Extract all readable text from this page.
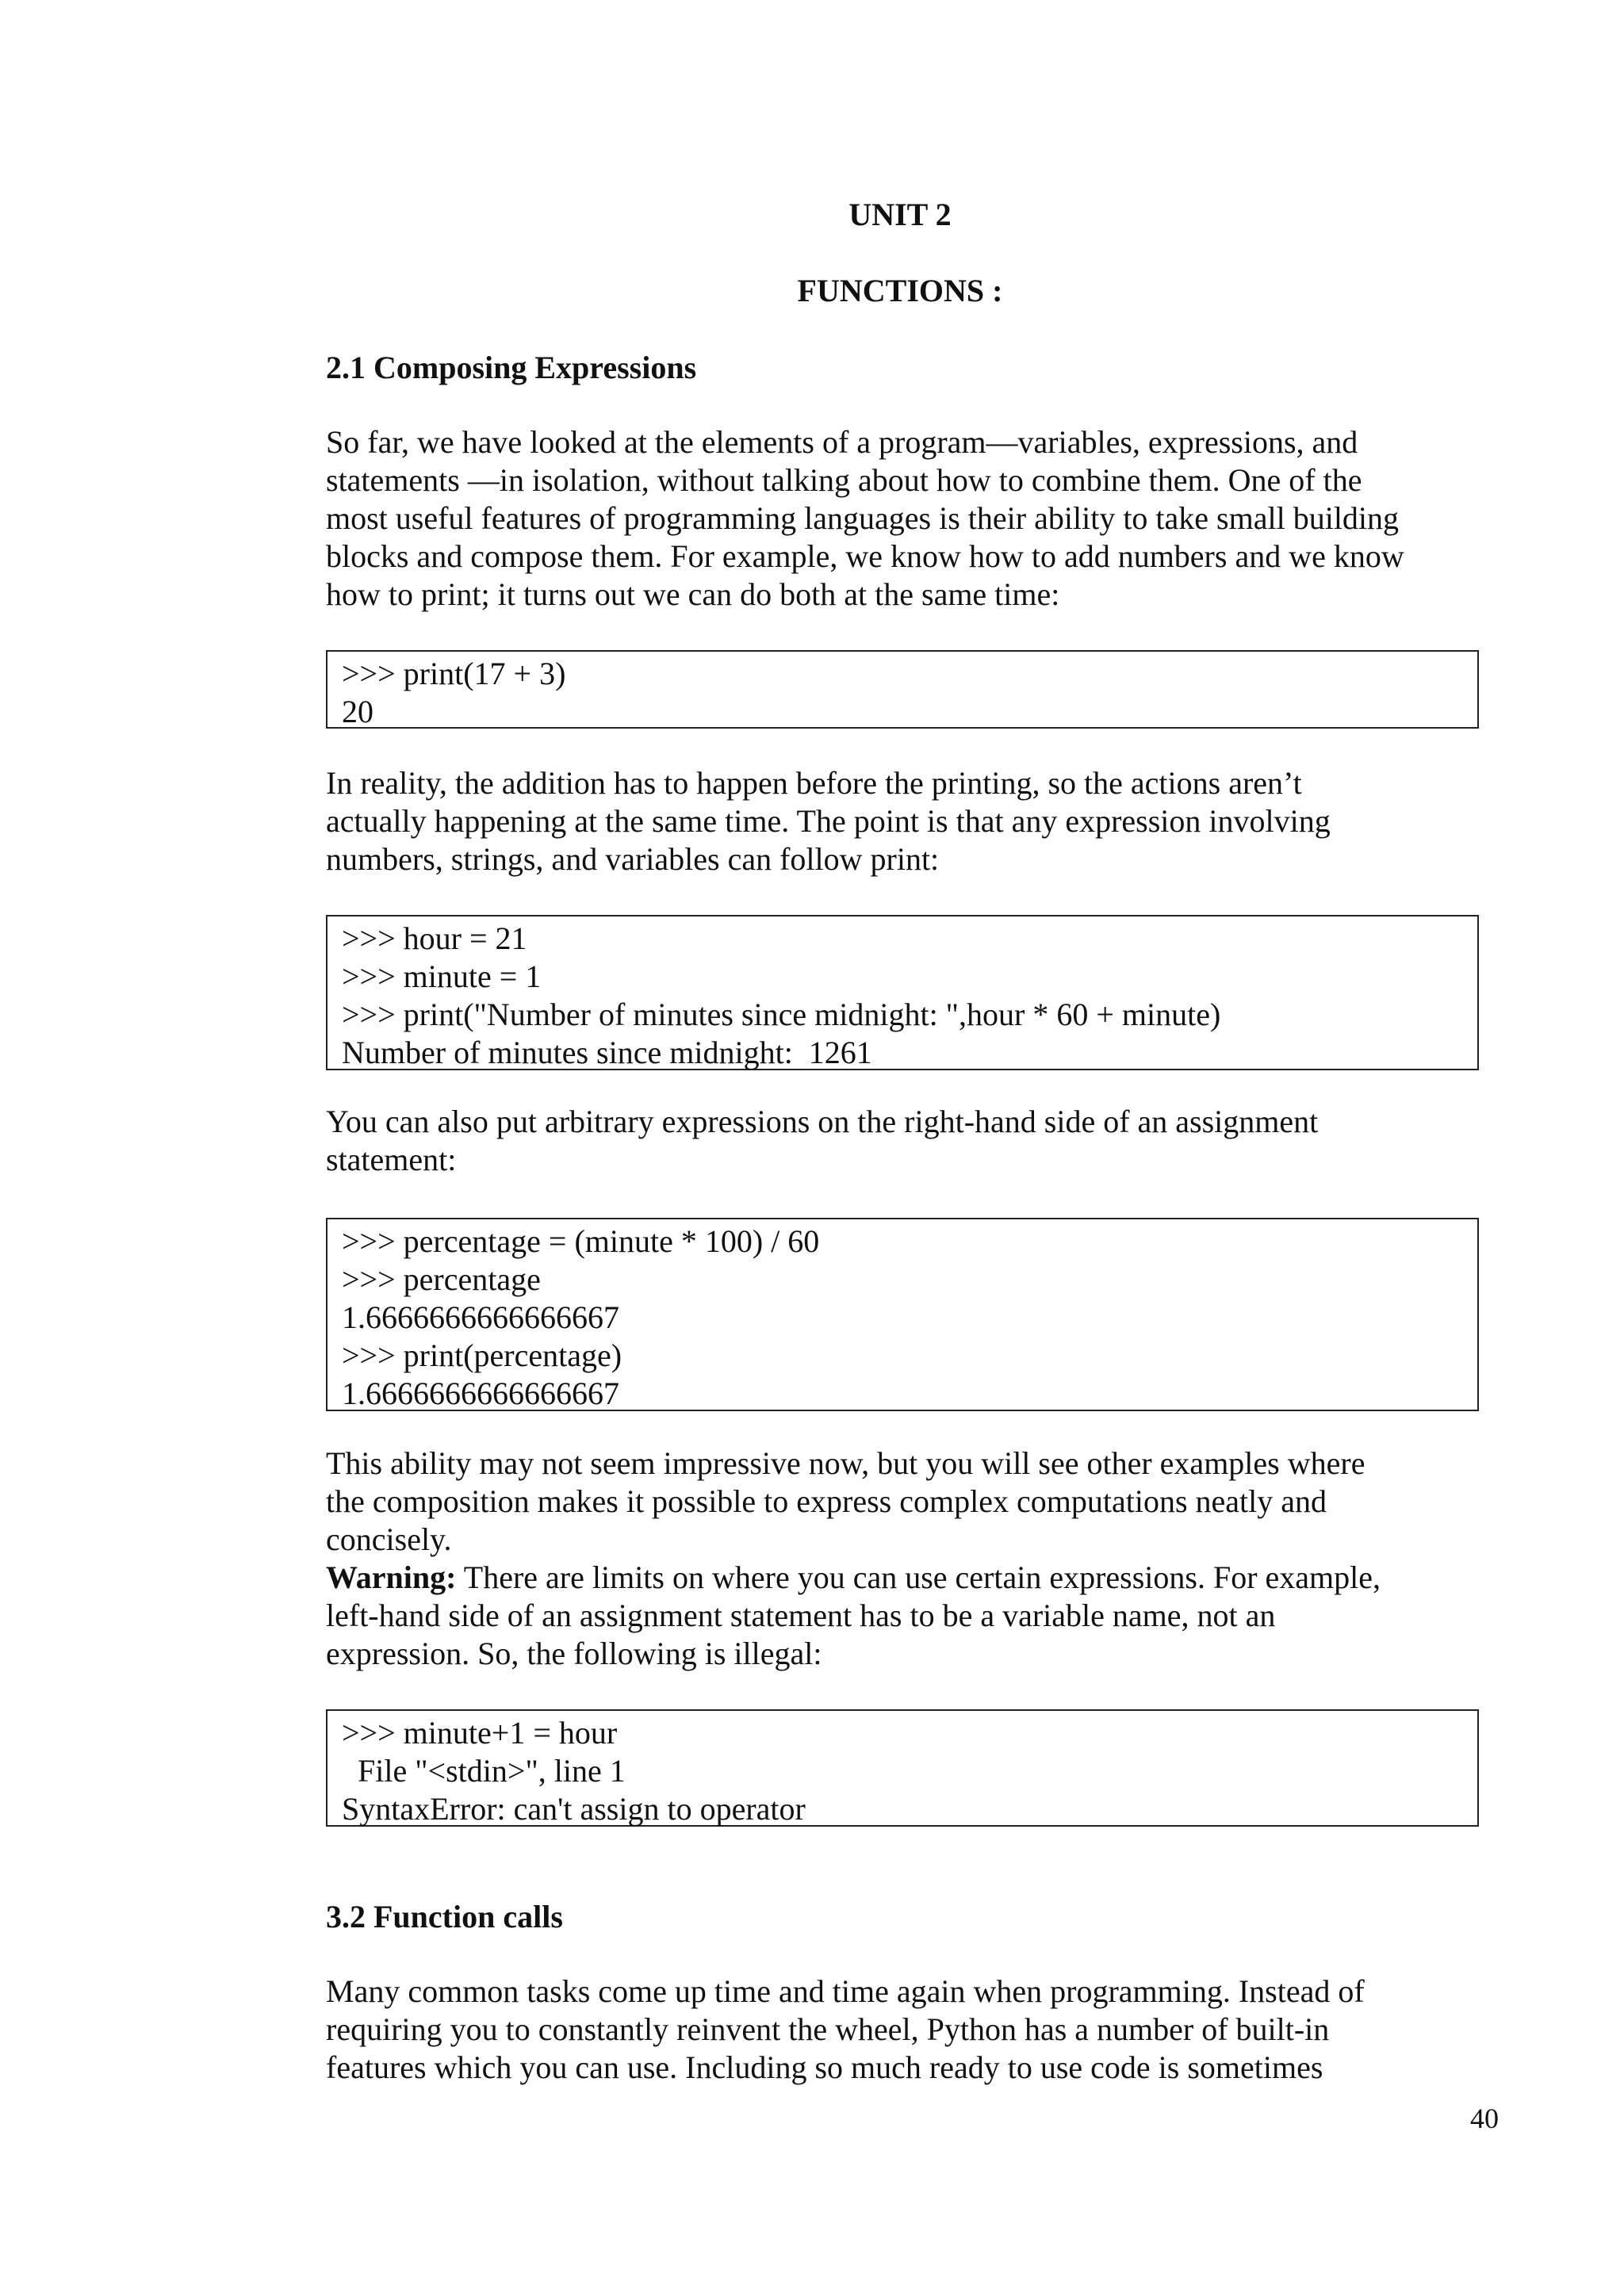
UNIT 2
FUNCTIONS :
2.1 Composing Expressions

So far, we have looked at the elements of a program—variables, expressions, and
statements —in isolation, without talking about how to combine them. One of the
most useful features of programming languages is their ability to take small building
blocks and compose them. For example, we know how to add numbers and we know
how to print; it turns out we can do both at the same time:

>>> print(17 + 3)
20

In reality, the addition has to happen before the printing, so the actions aren’t
actually happening at the same time. The point is that any expression involving
numbers, strings, and variables can follow print:

>>> hour = 21
>>> minute = 1
>>> print("Number of minutes since midnight: ",hour * 60 + minute)
Number of minutes since midnight:  1261

You can also put arbitrary expressions on the right-hand side of an assignment
statement:

>>> percentage = (minute * 100) / 60
>>> percentage
1.6666666666666667
>>> print(percentage)
1.6666666666666667

This ability may not seem impressive now, but you will see other examples where
the composition makes it possible to express complex computations neatly and
concisely.
Warning: There are limits on where you can use certain expressions. For example,
left-hand side of an assignment statement has to be a variable name, not an
expression. So, the following is illegal:

>>> minute+1 = hour
File "<stdin>", line 1
SyntaxError: can't assign to operator
3.2 Function calls

Many common tasks come up time and time again when programming. Instead of
requiring you to constantly reinvent the wheel, Python has a number of built-in
features which you can use. Including so much ready to use code is sometimes

40
